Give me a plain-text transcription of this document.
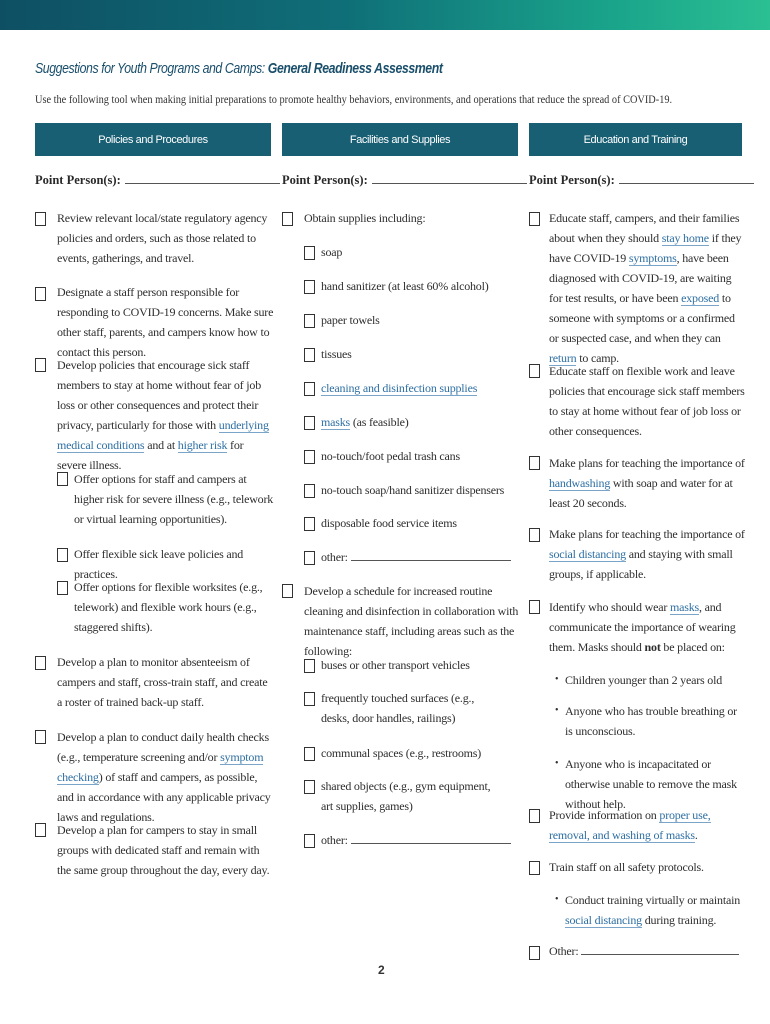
Suggestions for Youth Programs and Camps: General Readiness Assessment
Use the following tool when making initial preparations to promote healthy behaviors, environments, and operations that reduce the spread of COVID-19.
Policies and Procedures	Facilities and Supplies	Education and Training
Point Person(s):	Point Person(s):	Point Person(s):
Review relevant local/state regulatory agency policies and orders, such as those related to events, gatherings, and travel.
Designate a staff person responsible for responding to COVID-19 concerns. Make sure other staff, parents, and campers know how to contact this person.
Develop policies that encourage sick staff members to stay at home without fear of job loss or other consequences and protect their privacy, particularly for those with underlying medical conditions and at higher risk for severe illness.
Offer options for staff and campers at higher risk for severe illness (e.g., telework or virtual learning opportunities).
Offer flexible sick leave policies and practices.
Offer options for flexible worksites (e.g., telework) and flexible work hours (e.g., staggered shifts).
Develop a plan to monitor absenteeism of campers and staff, cross-train staff, and create a roster of trained back-up staff.
Develop a plan to conduct daily health checks (e.g., temperature screening and/or symptom checking) of staff and campers, as possible, and in accordance with any applicable privacy laws and regulations.
Develop a plan for campers to stay in small groups with dedicated staff and remain with the same group throughout the day, every day.
Obtain supplies including:
soap
hand sanitizer (at least 60% alcohol)
paper towels
tissues
cleaning and disinfection supplies
masks (as feasible)
no-touch/foot pedal trash cans
no-touch soap/hand sanitizer dispensers
disposable food service items
other:
Develop a schedule for increased routine cleaning and disinfection in collaboration with maintenance staff, including areas such as the following:
buses or other transport vehicles
frequently touched surfaces (e.g., desks, door handles, railings)
communal spaces (e.g., restrooms)
shared objects (e.g., gym equipment, art supplies, games)
other:
Educate staff, campers, and their families about when they should stay home if they have COVID-19 symptoms, have been diagnosed with COVID-19, are waiting for test results, or have been exposed to someone with symptoms or a confirmed or suspected case, and when they can return to camp.
Educate staff on flexible work and leave policies that encourage sick staff members to stay at home without fear of job loss or other consequences.
Make plans for teaching the importance of handwashing with soap and water for at least 20 seconds.
Make plans for teaching the importance of social distancing and staying with small groups, if applicable.
Identify who should wear masks, and communicate the importance of wearing them. Masks should not be placed on:
• Children younger than 2 years old
• Anyone who has trouble breathing or is unconscious.
• Anyone who is incapacitated or otherwise unable to remove the mask without help.
Provide information on proper use, removal, and washing of masks.
Train staff on all safety protocols.
• Conduct training virtually or maintain social distancing during training.
Other:
2
